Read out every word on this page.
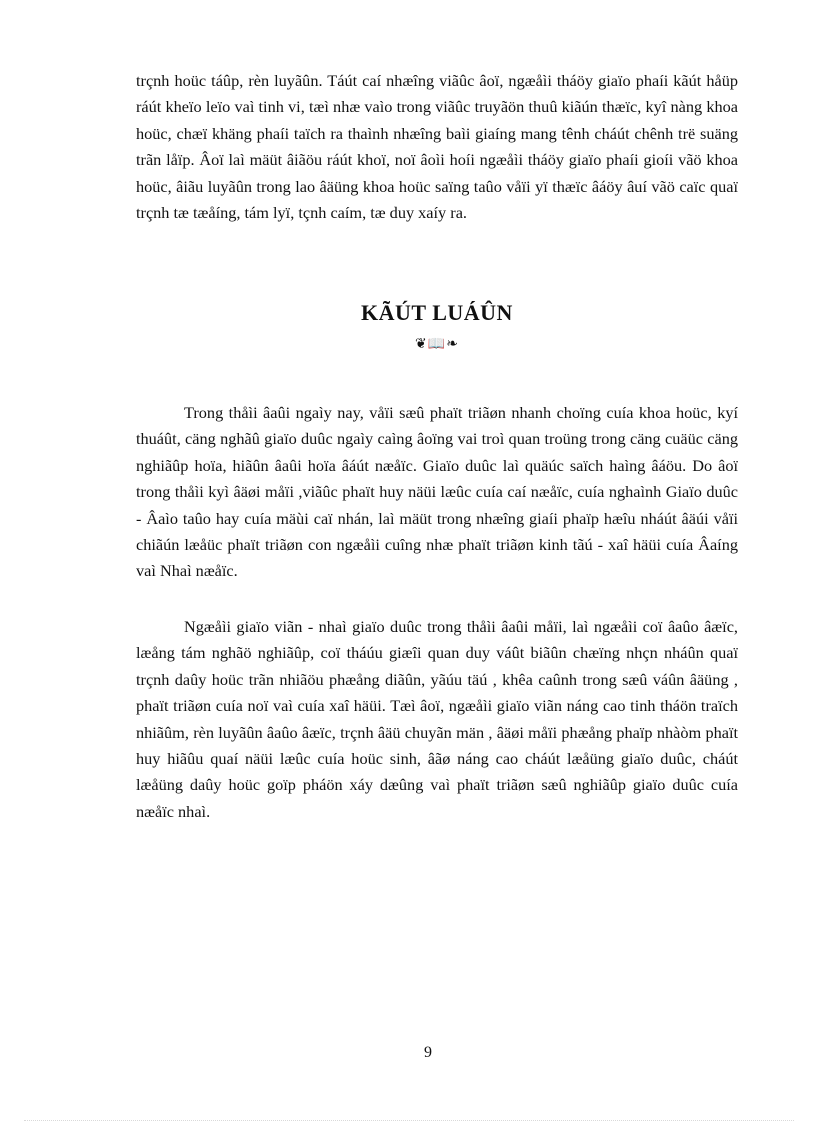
trçnh hoüc táûp, rèn luyãûn. Táút caí nhæîng viãûc âoï, ngæåìi tháöy giaïo phaíi kãút håüp ráút kheïo leïo vaì tinh vi, tæì nhæ vaìo trong viãûc truyãön thuû kiãún thæïc, kyî nàng khoa hoüc, chæï khäng phaíi taïch ra thaình nhæîng baìi giaíng mang tênh cháút chênh trë suäng trãn låïp. Âoï laì mäüt âiãöu ráút khoï, noï âoìi hoíi ngæåìi tháöy giaïo phaíi gioíi vãö khoa hoüc, âiãu luyãûn trong lao âäüng khoa hoüc saïng taûo våïi yï thæïc âáöy âuí vãö caïc quaï trçnh tæ tæåíng, tám lyï, tçnh caím, tæ duy xaíy ra.

KÃÚT LUÁÛN
❦📖❧

Trong thåìi âaûi ngaìy nay, våïi sæû phaït triãøn nhanh choïng cuía khoa hoüc, kyí thuáût, cäng nghãû giaïo duûc ngaìy caìng âoïng vai troì quan troüng trong cäng cuäüc cäng nghiãûp hoïa, hiãûn âaûi hoïa âáút næåïc. Giaïo duûc laì quäúc saïch haìng âáöu. Do âoï trong thåìi kyì âäøi måïi ,viãûc phaït huy näüi læûc cuía caí næåïc, cuía nghaình Giaïo duûc - Âaìo taûo hay cuía mäùi caï nhán, laì mäüt trong nhæîng giaíi phaïp hæîu nháút âäúi våïi chiãún læåüc phaït triãøn con ngæåìi cuîng nhæ phaït triãøn kinh tãú - xaî häüi cuía Âaíng vaì Nhaì næåïc.

Ngæåìi giaïo viãn - nhaì giaïo duûc trong thåìi âaûi måïi, laì ngæåìi coï âaûo âæïc, læång tám nghãö nghiãûp, coï tháúu giæîi quan duy váût biãûn chæïng nhçn nháûn quaï trçnh daûy hoüc trãn nhiãöu phæång diãûn, yãúu täú , khêa caûnh trong sæû váûn âäüng , phaït triãøn cuía noï vaì cuía xaî häüi. Tæì âoï, ngæåìi giaïo viãn náng cao tinh tháön traïch nhiãûm, rèn luyãûn âaûo âæïc, trçnh âäü chuyãn män , âäøi måïi phæång phaïp nhàòm phaït huy hiãûu quaí näüi læûc cuía hoüc sinh, âãø náng cao cháút læåüng giaïo duûc, cháút læåüng daûy hoüc goïp pháön xáy dæûng vaì phaït triãøn sæû nghiãûp giaïo duûc cuía næåïc nhaì.

9
